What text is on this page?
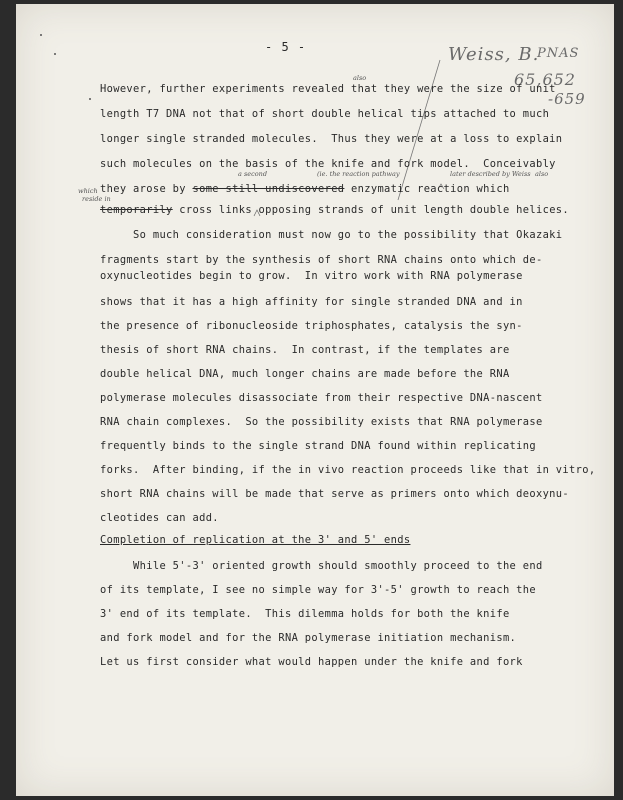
- 5 -	Weiss, B.
PNAS
65,652
-659
also
a second	(ie. the reaction pathway	later described by Weiss also
which
reside in
However, further experiments revealed that they were the size of unit
length T7 DNA not that of short double helical tips attached to much
longer single stranded molecules.  Thus they were at a loss to explain
such molecules on the basis of the knife and fork model.  Conceivably
they arose by some still undiscovered enzymatic reaction which
temporarily cross links opposing strands of unit length double helices.
So much consideration must now go to the possibility that Okazaki
fragments start by the synthesis of short RNA chains onto which de-
oxynucleotides begin to grow.  In vitro work with RNA polymerase
shows that it has a high affinity for single stranded DNA and in
the presence of ribonucleoside triphosphates, catalysis the syn-
thesis of short RNA chains.  In contrast, if the templates are
double helical DNA, much longer chains are made before the RNA
polymerase molecules disassociate from their respective DNA-nascent
RNA chain complexes.  So the possibility exists that RNA polymerase
frequently binds to the single strand DNA found within replicating
forks.  After binding, if the in vivo reaction proceeds like that in vitro,
short RNA chains will be made that serve as primers onto which deoxynu-
cleotides can add.
Completion of replication at the 3' and 5' ends
While 5'-3' oriented growth should smoothly proceed to the end
of its template, I see no simple way for 3'-5' growth to reach the
3' end of its template.  This dilemma holds for both the knife
and fork model and for the RNA polymerase initiation mechanism.
Let us first consider what would happen under the knife and fork
